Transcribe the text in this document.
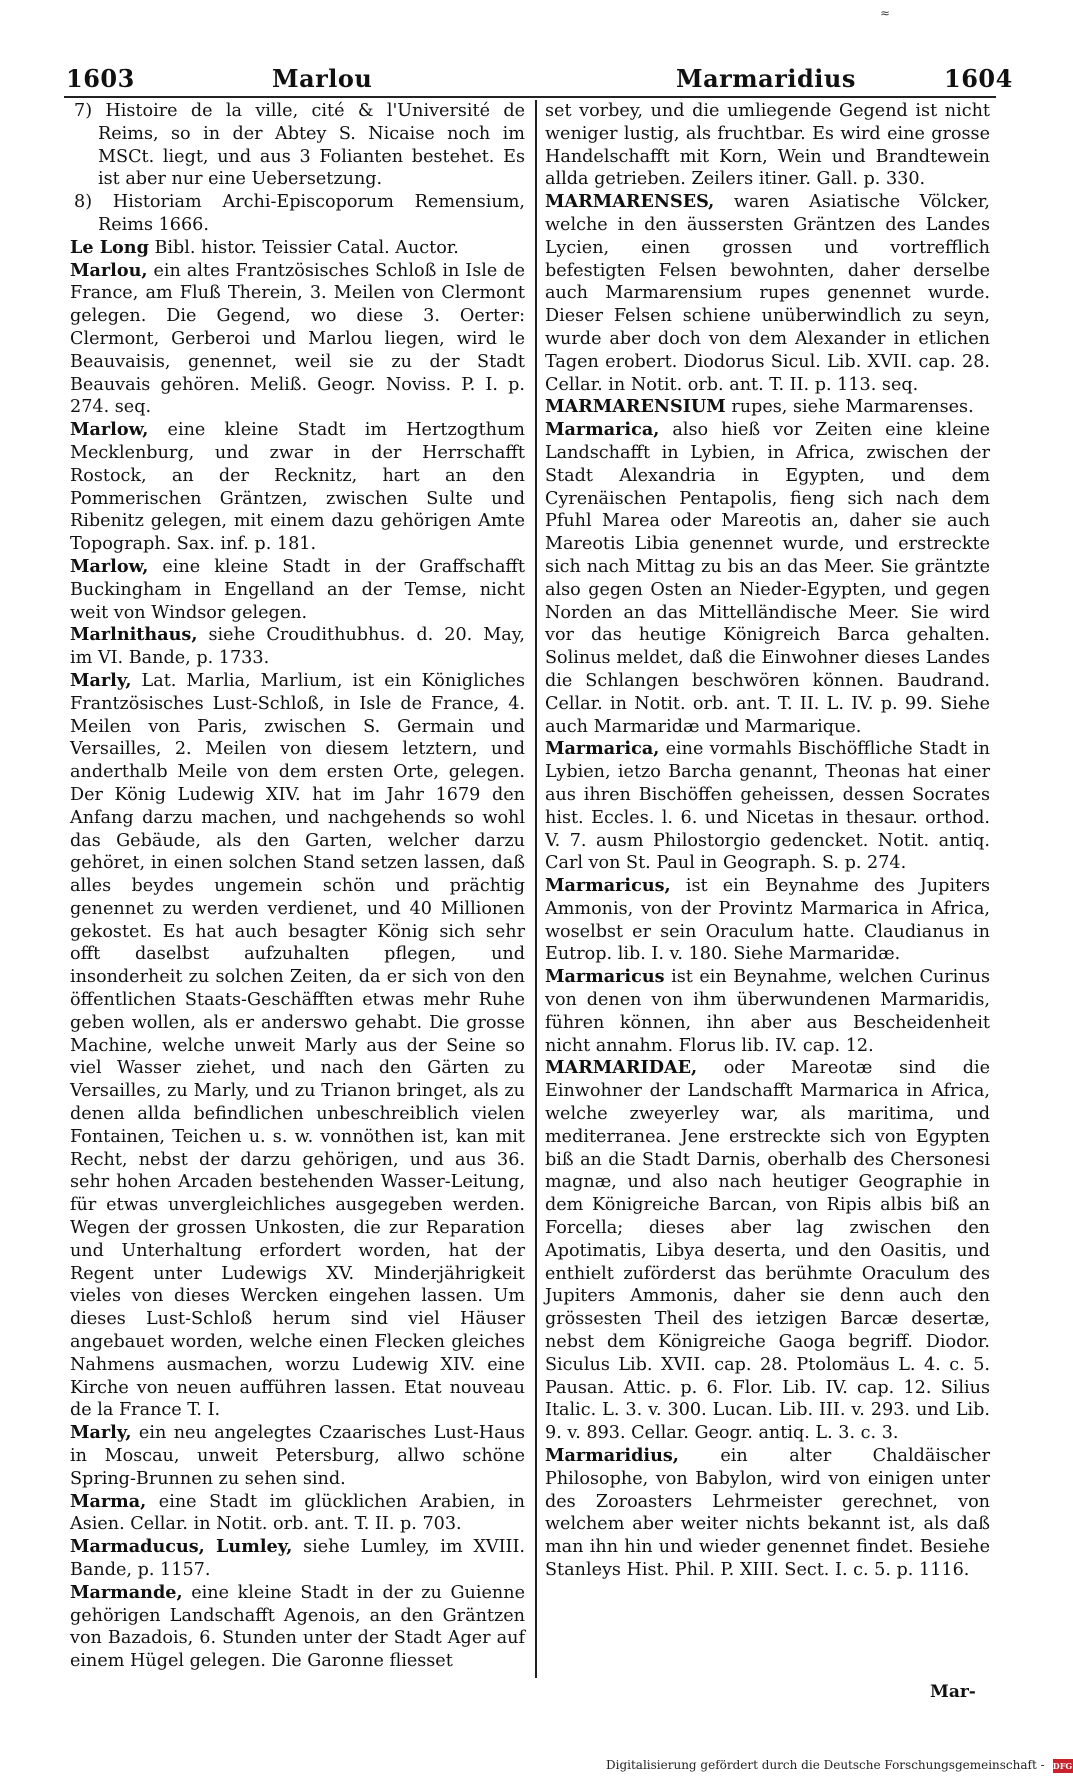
≈
1603	Marlou	Marmaridius	1604

7) Histoire de la ville, cité & l'Université de Reims, so in der Abtey S. Nicaise noch im MSCt. liegt, und aus 3 Folianten bestehet. Es ist aber nur eine Uebersetzung.

8) Historiam Archi-Episcoporum Remensium, Reims 1666.

Le Long Bibl. histor. Teissier Catal. Auctor.

Marlou, ein altes Frantzösisches Schloß in Isle de France, am Fluß Therein, 3. Meilen von Clermont gelegen. Die Gegend, wo diese 3. Oerter: Clermont, Gerberoi und Marlou liegen, wird le Beauvaisis, genennet, weil sie zu der Stadt Beauvais gehören. Meliß. Geogr. Noviss. P. I. p. 274. seq.

Marlow, eine kleine Stadt im Hertzogthum Mecklenburg, und zwar in der Herrschafft Rostock, an der Recknitz, hart an den Pommerischen Gräntzen, zwischen Sulte und Ribenitz gelegen, mit einem dazu gehörigen Amte Topograph. Sax. inf. p. 181.

Marlow, eine kleine Stadt in der Graffschafft Buckingham in Engelland an der Temse, nicht weit von Windsor gelegen.

Marlnithaus, siehe Croudithubhus. d. 20. May, im VI. Bande, p. 1733.

Marly, Lat. Marlia, Marlium, ist ein Königliches Frantzösisches Lust-Schloß, in Isle de France, 4. Meilen von Paris, zwischen S. Germain und Versailles, 2. Meilen von diesem letztern, und anderthalb Meile von dem ersten Orte, gelegen. Der König Ludewig XIV. hat im Jahr 1679 den Anfang darzu machen, und nachgehends so wohl das Gebäude, als den Garten, welcher darzu gehöret, in einen solchen Stand setzen lassen, daß alles beydes ungemein schön und prächtig genennet zu werden verdienet, und 40 Millionen gekostet. Es hat auch besagter König sich sehr offt daselbst aufzuhalten pflegen, und insonderheit zu solchen Zeiten, da er sich von den öffentlichen Staats-Geschäfften etwas mehr Ruhe geben wollen, als er anderswo gehabt. Die grosse Machine, welche unweit Marly aus der Seine so viel Wasser ziehet, und nach den Gärten zu Versailles, zu Marly, und zu Trianon bringet, als zu denen allda befindlichen unbeschreiblich vielen Fontainen, Teichen u. s. w. vonnöthen ist, kan mit Recht, nebst der darzu gehörigen, und aus 36. sehr hohen Arcaden bestehenden Wasser-Leitung, für etwas unvergleichliches ausgegeben werden. Wegen der grossen Unkosten, die zur Reparation und Unterhaltung erfordert worden, hat der Regent unter Ludewigs XV. Minderjährigkeit vieles von dieses Wercken eingehen lassen. Um dieses Lust-Schloß herum sind viel Häuser angebauet worden, welche einen Flecken gleiches Nahmens ausmachen, worzu Ludewig XIV. eine Kirche von neuen aufführen lassen. Etat nouveau de la France T. I.

Marly, ein neu angelegtes Czaarisches Lust-Haus in Moscau, unweit Petersburg, allwo schöne Spring-Brunnen zu sehen sind.

Marma, eine Stadt im glücklichen Arabien, in Asien. Cellar. in Notit. orb. ant. T. II. p. 703.

Marmaducus, Lumley, siehe Lumley, im XVIII. Bande, p. 1157.

Marmande, eine kleine Stadt in der zu Guienne gehörigen Landschafft Agenois, an den Gräntzen von Bazadois, 6. Stunden unter der Stadt Ager auf einem Hügel gelegen. Die Garonne fliesset

set vorbey, und die umliegende Gegend ist nicht weniger lustig, als fruchtbar. Es wird eine grosse Handelschafft mit Korn, Wein und Brandtewein allda getrieben. Zeilers itiner. Gall. p. 330.

MARMARENSES, waren Asiatische Völcker, welche in den äussersten Gräntzen des Landes Lycien, einen grossen und vortrefflich befestigten Felsen bewohnten, daher derselbe auch Marmarensium rupes genennet wurde. Dieser Felsen schiene unüberwindlich zu seyn, wurde aber doch von dem Alexander in etlichen Tagen erobert. Diodorus Sicul. Lib. XVII. cap. 28. Cellar. in Notit. orb. ant. T. II. p. 113. seq.

MARMARENSIUM rupes, siehe Marmarenses.

Marmarica, also hieß vor Zeiten eine kleine Landschafft in Lybien, in Africa, zwischen der Stadt Alexandria in Egypten, und dem Cyrenäischen Pentapolis, fieng sich nach dem Pfuhl Marea oder Mareotis an, daher sie auch Mareotis Libia genennet wurde, und erstreckte sich nach Mittag zu bis an das Meer. Sie gräntzte also gegen Osten an Nieder-Egypten, und gegen Norden an das Mittelländische Meer. Sie wird vor das heutige Königreich Barca gehalten. Solinus meldet, daß die Einwohner dieses Landes die Schlangen beschwören können. Baudrand. Cellar. in Notit. orb. ant. T. II. L. IV. p. 99. Siehe auch Marmaridæ und Marmarique.

Marmarica, eine vormahls Bischöffliche Stadt in Lybien, ietzo Barcha genannt, Theonas hat einer aus ihren Bischöffen geheissen, dessen Socrates hist. Eccles. l. 6. und Nicetas in thesaur. orthod. V. 7. ausm Philostorgio gedencket. Notit. antiq. Carl von St. Paul in Geograph. S. p. 274.

Marmaricus, ist ein Beynahme des Jupiters Ammonis, von der Provintz Marmarica in Africa, woselbst er sein Oraculum hatte. Claudianus in Eutrop. lib. I. v. 180. Siehe Marmaridæ.

Marmaricus ist ein Beynahme, welchen Curinus von denen von ihm überwundenen Marmaridis, führen können, ihn aber aus Bescheidenheit nicht annahm. Florus lib. IV. cap. 12.

MARMARIDAE, oder Mareotæ sind die Einwohner der Landschafft Marmarica in Africa, welche zweyerley war, als maritima, und mediterranea. Jene erstreckte sich von Egypten biß an die Stadt Darnis, oberhalb des Chersonesi magnæ, und also nach heutiger Geographie in dem Königreiche Barcan, von Ripis albis biß an Forcella; dieses aber lag zwischen den Apotimatis, Libya deserta, und den Oasitis, und enthielt zuförderst das berühmte Oraculum des Jupiters Ammonis, daher sie denn auch den grössesten Theil des ietzigen Barcæ desertæ, nebst dem Königreiche Gaoga begriff. Diodor. Siculus Lib. XVII. cap. 28. Ptolomäus L. 4. c. 5. Pausan. Attic. p. 6. Flor. Lib. IV. cap. 12. Silius Italic. L. 3. v. 300. Lucan. Lib. III. v. 293. und Lib. 9. v. 893. Cellar. Geogr. antiq. L. 3. c. 3.

Marmaridius, ein alter Chaldäischer Philosophe, von Babylon, wird von einigen unter des Zoroasters Lehrmeister gerechnet, von welchem aber weiter nichts bekannt ist, als daß man ihn hin und wieder genennet findet. Besiehe Stanleys Hist. Phil. P. XIII. Sect. I. c. 5. p. 1116.

Mar-
Digitalisierung gefördert durch die Deutsche Forschungsgemeinschaft - DFG
